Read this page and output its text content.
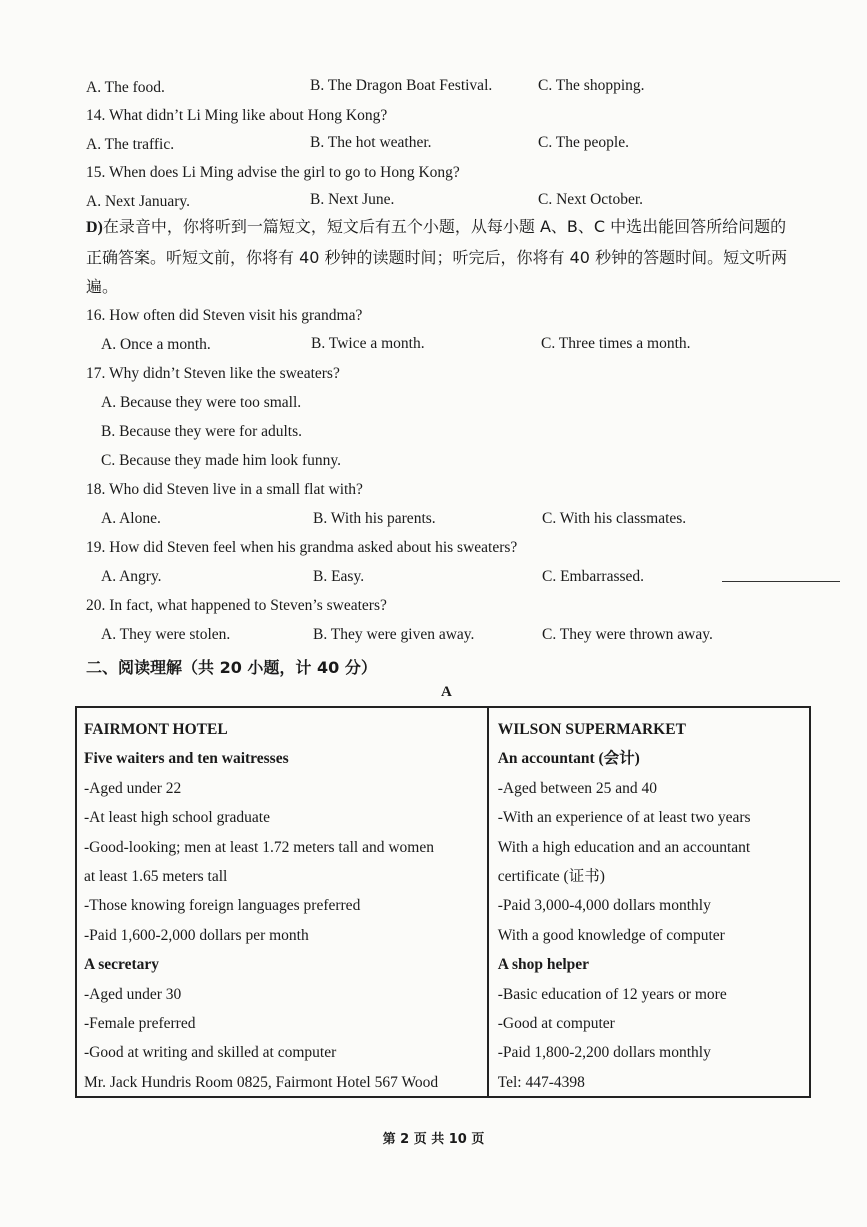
A. The food.	B. The Dragon Boat Festival.	C. The shopping.
14. What didn’t Li Ming like about Hong Kong?
A. The traffic.	B. The hot weather.	C. The people.
15. When does Li Ming advise the girl to go to Hong Kong?
A. Next January.	B. Next June.	C. Next October.
D)在录音中，你将听到一篇短文，短文后有五个小题，从每小题 A、B、C 中选出能回答所给问题的正确答案。听短文前，你将有 40 秒钟的读题时间；听完后，你将有 40 秒钟的答题时间。短文听两遍。
16. How often did Steven visit his grandma?
A. Once a month.	B. Twice a month.	C. Three times a month.
17. Why didn’t Steven like the sweaters?
A. Because they were too small.
B. Because they were for adults.
C. Because they made him look funny.
18. Who did Steven live in a small flat with?
A. Alone.	B. With his parents.	C. With his classmates.
19. How did Steven feel when his grandma asked about his sweaters?
A. Angry.	B. Easy.	C. Embarrassed.
20. In fact, what happened to Steven’s sweaters?
A. They were stolen.	B. They were given away.	C. They were thrown away.
二、阅读理解（共 20 小题，计 40 分）
A
FAIRMONT HOTEL
Five waiters and ten waitresses
-Aged under 22
-At least high school graduate
-Good-looking; men at least 1.72 meters tall and women
at least 1.65 meters tall
-Those knowing foreign languages preferred
-Paid 1,600-2,000 dollars per month
A secretary
-Aged under 30
-Female preferred
-Good at writing and skilled at computer
Mr. Jack Hundris Room 0825, Fairmont Hotel 567 Wood
WILSON SUPERMARKET
An accountant (会计)
-Aged between 25 and 40
-With an experience of at least two years
With a high education and an accountant
certificate (证书)
-Paid 3,000-4,000 dollars monthly
With a good knowledge of computer
A shop helper
-Basic education of 12 years or more
-Good at computer
-Paid 1,800-2,200 dollars monthly
Tel: 447-4398
第 2 页 共 10 页
